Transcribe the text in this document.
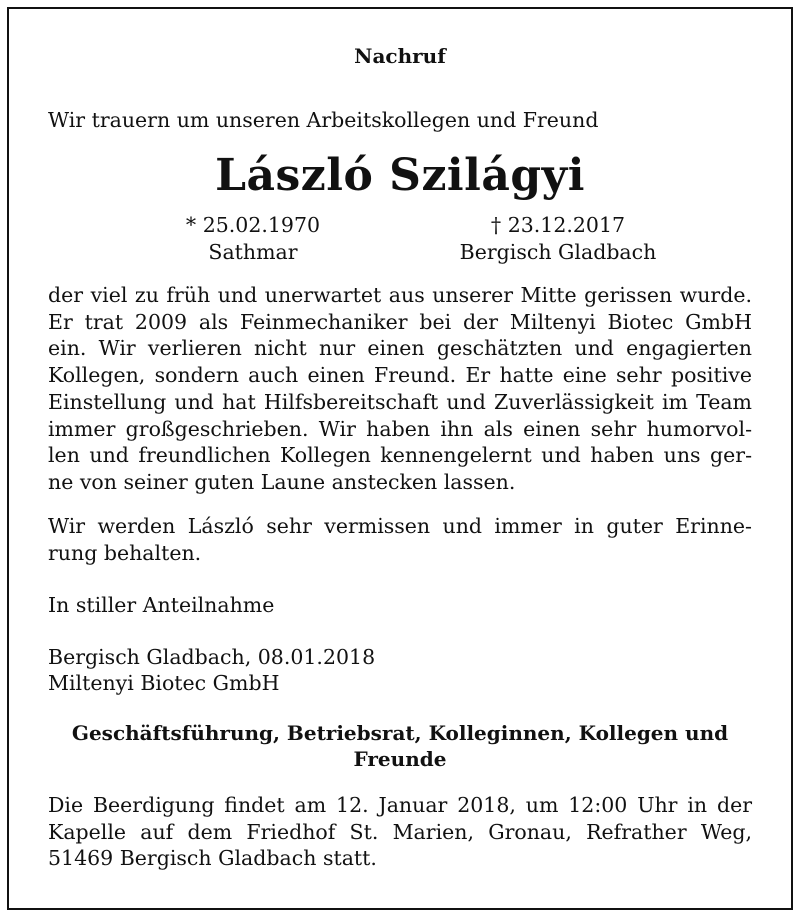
Nachruf
Wir trauern um unseren Arbeitskollegen und Freund
László Szilágyi
* 25.02.1970
Sathmar
† 23.12.2017
Bergisch Gladbach
der viel zu früh und unerwartet aus unserer Mitte gerissen wurde.
Er trat 2009 als Feinmechaniker bei der Miltenyi Biotec GmbH
ein. Wir verlieren nicht nur einen geschätzten und engagierten
Kollegen, sondern auch einen Freund. Er hatte eine sehr positive
Einstellung und hat Hilfsbereitschaft und Zuverlässigkeit im Team
immer großgeschrieben. Wir haben ihn als einen sehr humorvol-
len und freundlichen Kollegen kennengelernt und haben uns ger-
ne von seiner guten Laune anstecken lassen.
Wir werden László sehr vermissen und immer in guter Erinne-
rung behalten.
In stiller Anteilnahme
Bergisch Gladbach, 08.01.2018
Miltenyi Biotec GmbH
Geschäftsführung, Betriebsrat, Kolleginnen, Kollegen und
Freunde
Die Beerdigung findet am 12. Januar 2018, um 12:00 Uhr in der
Kapelle auf dem Friedhof St. Marien, Gronau, Refrather Weg,
51469 Bergisch Gladbach statt.
